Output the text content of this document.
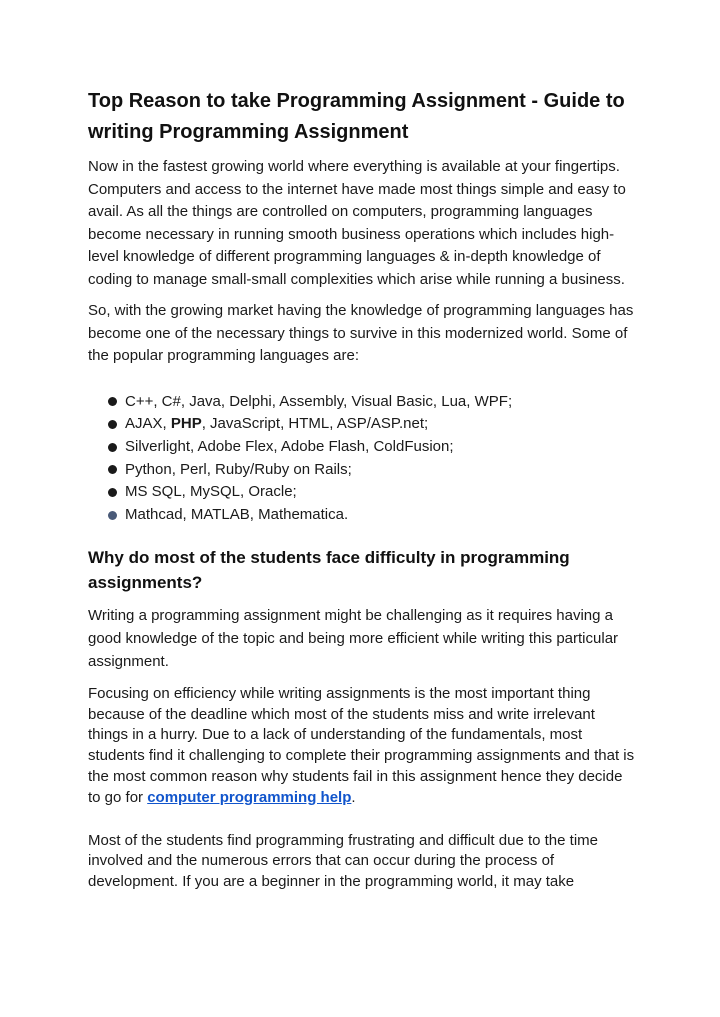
Top Reason to take Programming Assignment - Guide to writing Programming Assignment

Now in the fastest growing world where everything is available at your fingertips. Computers and access to the internet have made most things simple and easy to avail. As all the things are controlled on computers, programming languages become necessary in running smooth business operations which includes high-level knowledge of different programming languages & in-depth knowledge of coding to manage small-small complexities which arise while running a business.

So, with the growing market having the knowledge of programming languages has become one of the necessary things to survive in this modernized world. Some of the popular programming languages are:

C++, C#, Java, Delphi, Assembly, Visual Basic, Lua, WPF;
AJAX, PHP, JavaScript, HTML, ASP/ASP.net;
Silverlight, Adobe Flex, Adobe Flash, ColdFusion;
Python, Perl, Ruby/Ruby on Rails;
MS SQL, MySQL, Oracle;
Mathcad, MATLAB, Mathematica.
Why do most of the students face difficulty in programming assignments?

Writing a programming assignment might be challenging as it requires having a good knowledge of the topic and being more efficient while writing this particular assignment.

Focusing on efficiency while writing assignments is the most important thing because of the deadline which most of the students miss and write irrelevant things in a hurry. Due to a lack of understanding of the fundamentals, most students find it challenging to complete their programming assignments and that is the most common reason why students fail in this assignment hence they decide to go for computer programming help.

Most of the students find programming frustrating and difficult due to the time involved and the numerous errors that can occur during the process of development. If you are a beginner in the programming world, it may take
